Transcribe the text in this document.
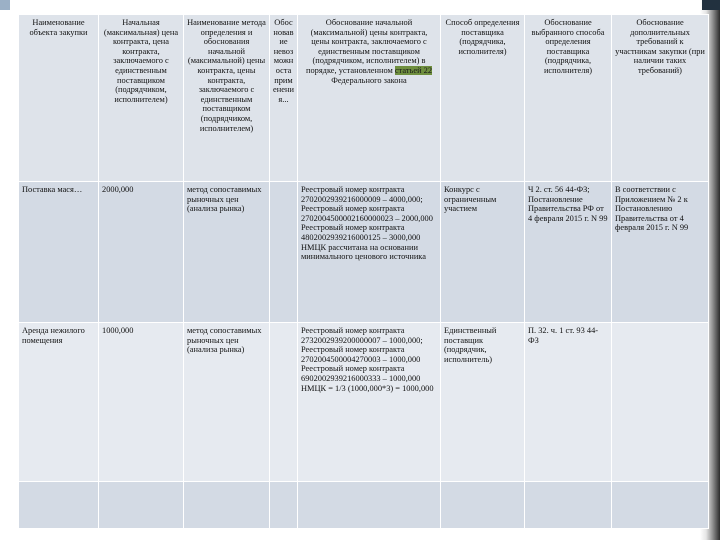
Наименование объекта закупки	Начальная (максимальная) цена контракта, цена контракта, заключаемого с единственным поставщиком (подрядчиком, исполнителем)	Наименование метода определения и обоснования начальной (максимальной) цены контракта, цены контракта, заключаемого с единственным поставщиком (подрядчиком, исполнителем)	Обос новав ие невоз можн оста прим енени я...	Обоснование начальной (максимальной) цены контракта, цены контракта, заключаемого с единственным поставщиком (подрядчиком, исполнителем) в порядке, установленном статьей 22 Федерального закона	Способ определения поставщика (подрядчика, исполнителя)	Обоснование выбранного способа определения поставщика (подрядчика, исполнителя)	Обоснование дополнительных требований к участникам закупки (при наличии таких требований)

Поставка мася…	2000,000	метод сопоставимых рыночных цен (анализа рынка)		Реестровый номер контракта 2702002939216000009 – 4000,000;
Реестровый номер контракта 2702004500002160000023 – 2000,000
Реестровый номер контракта 4802002939216000125 – 3000,000
НМЦК рассчитана на основании минимального ценового источника	Конкурс с ограниченным участием	Ч 2. ст. 56 44-ФЗ; Постановление Правительства РФ от 4 февраля 2015 г. N 99	В соответствии с Приложением № 2 к Постановлению Правительства от 4 февраля 2015 г. N 99

Аренда нежилого помещения	1000,000	метод сопоставимых рыночных цен (анализа рынка)		Реестровый номер контракта 2732002939200000007 – 1000,000;
Реестровый номер контракта 2702004500004270003 – 1000,000
Реестровый номер контракта 6902002939216000333 – 1000,000
НМЦК = 1/3 (1000,000*3) = 1000,000	Единственный поставщик (подрядчик, исполнитель)	П. 32. ч. 1 ст. 93 44-ФЗ	
